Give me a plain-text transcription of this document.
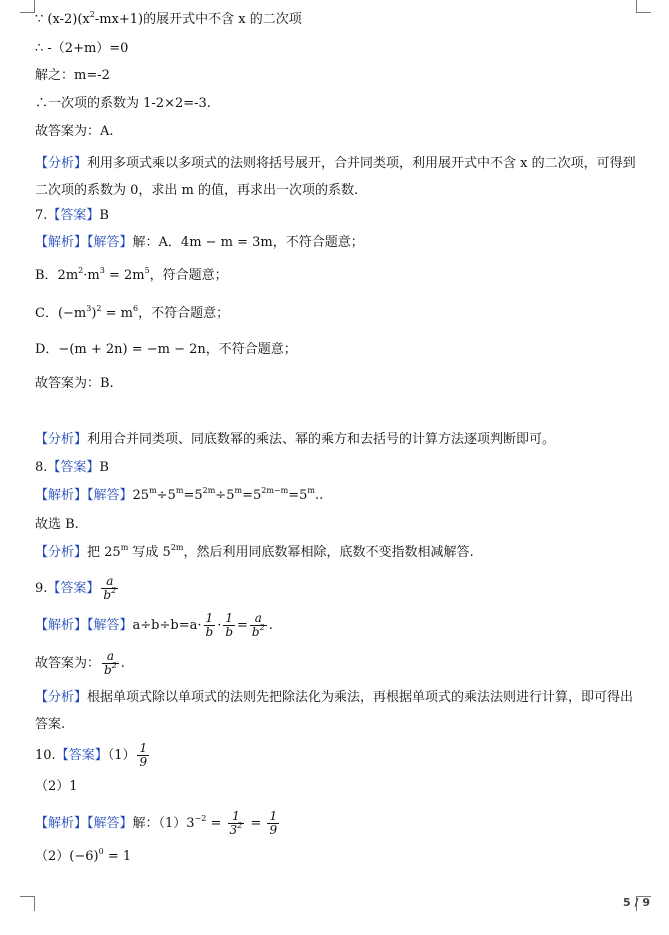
∵ $(x-2)(x^2-mx+1)$的展开式中不含 x 的二次项
∴ -（2+m）=0
解之：m=-2
∴一次项的系数为 1-2×2=-3.
故答案为：A.
【分析】利用多项式乘以多项式的法则将括号展开，合并同类项，利用展开式中不含 x 的二次项，可得到二次项的系数为 0，求出 m 的值，再求出一次项的系数.
7.【答案】B
【解析】【解答】解：A．4m − m = 3m，不符合题意；
B．$2m^2\cdot m^3 = 2m^5$，符合题意；
C．$(-m^3)^2 = m^6$，不符合题意；
D．−(m + 2n) = −m − 2n，不符合题意；
故答案为：B.
【分析】利用合并同类项、同底数幂的乘法、幂的乘方和去括号的计算方法逐项判断即可。
8.【答案】B
【解析】【解答】$25^m\div 5^m=5^{2m}\div 5^m=5^{2m-m}=5^m$..
故选 B.
【分析】把 25$^m$ 写成 $5^{2m}$，然后利用同底数幂相除，底数不变指数相减解答.
9.【答案】 $\frac{a}{b^2}$
【解析】【解答】$a\div b\div b=a\cdot \frac{1}{b} \cdot \frac{1}{b} = \frac{a}{b^2}$ .
故答案为： $\frac{a}{b^2}$ .
【分析】根据单项式除以单项式的法则先把除法化为乘法，再根据单项式的乘法法则进行计算，即可得出答案.
10.【答案】$(1) \frac{1}{9}$
（2）1
【解析】【解答】解：$(1)3^{-2} = \frac{1}{3^2} = \frac{1}{9}$
$(2)(-6)^0 = 1$
5 / 9
